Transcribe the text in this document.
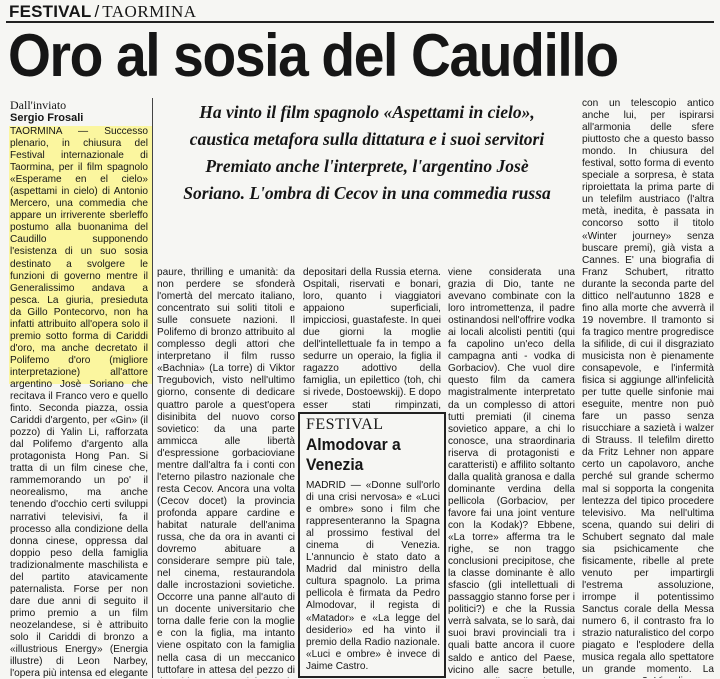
FESTIVAL / TAORMINA
Oro al sosia del Caudillo
Dall'inviato
Sergio Frosali

TAORMINA — Successo plenario, in chiusura del Festival internazionale di Taormina, per il film spagnolo «Esperame en el cielo» (aspettami in cielo) di Antonio Mercero, una commedia che appare un irriverente sberleffo postumo alla buonanima del Caudillo supponendo l'esistenza di un suo sosia destinato a svolgere le funzioni di governo mentre il Generalissimo andava a pesca. La giuria, presieduta da Gillo Pontecorvo, non ha infatti attribuito all'opera solo il premio sotto forma di Cariddi d'oro, ma anche decretato il Polifemo d'oro (migliore interpretazione) all'attore argentino Josè Soriano che recitava il Franco vero e quello finto. Seconda piazza, ossia Cariddi d'argento, per «Gin» (il pozzo) di Yalin Li, rafforzata dal Polifemo d'argento alla protagonista Hong Pan. Si tratta di un film cinese che, rammemorando un po' il neorealismo, ma anche tenendo d'occhio certi sviluppi narrativi televisivi, fa il processo alla condizione della donna cinese, oppressa dal doppio peso della famiglia tradizionalmente maschilista e del partito atavicamente paternalista. Forse per non dare due anni di seguito il primo premio a un film neozelandese, si è attribuito solo il Cariddi di bronzo a «illustrious Energy» (Energia illustre) di Leon Narbey, l'opera più intensa ed elegante

Ha vinto il film spagnolo «Aspettami in cielo»,
caustica metafora sulla dittatura e i suoi servitori
Premiato anche l'interprete, l'argentino Josè
Soriano. L'ombra di Cecov in una commedia russa

paure, thrilling e umanità: da non perdere se sfonderà l'omertà del mercato italiano, concentrato sui soliti titoli e sulle consuete nazioni. Il Polifemo di bronzo attribuito al complesso degli attori che interpretano il film russo «Bachnia» (La torre) di Viktor Tregubovich, visto nell'ultimo giorno, consente di dedicare quattro parole a quest'opera disinibita del nuovo corso sovietico: da una parte ammicca alle libertà d'espressione gorbacioviane mentre dall'altra fa i conti con l'eterno pilastro nazionale che resta Cecov. Ancora una volta (Cecov docet) la provincia profonda appare cardine e habitat naturale dell'anima russa, che da ora in avanti ci dovremo abituare a considerare sempre più tale, nel cinema, restaurandola dalle incrostazioni sovietiche. Occorre una panne all'auto di un docente universitario che torna dalle ferie con la moglie e con la figlia, ma intanto viene ospitato con la famiglia nella casa di un meccanico tuttofare in attesa del pezzo di

depositari della Russia eterna. Ospitali, riservati e bonari, loro, quanto i viaggiatori appaiono superficiali, impicciosi, guastafeste. In quei due giorni la moglie dell'intellettuale fa in tempo a sedurre un operaio, la figlia il ragazzo adottivo della famiglia, un epilettico (toh, chi si rivede, Dostoewskij). E dopo esser stati rimpinzati,

viene considerata una grazia di Dio, tante ne avevano combinate con la loro intromettenza, il padre ostinandosi nell'offrire vodka ai locali alcolisti pentiti (qui fa capolino un'eco della campagna anti - vodka di Gorbaciov). Che vuol dire questo film da camera magistralmente interpretato da un complesso di attori tutti premiati (il cinema sovietico appare, a chi lo conosce, una straordinaria riserva di protagonisti e caratteristi) e affilito soltanto dalla qualità granosa e dalla dominante verdina della pellicola (Gorbaciov, per favore fai una joint venture con la Kodak)? Ebbene, «La torre» afferma tra le righe, se non traggo conclusioni precipitose, che la classe dominante è allo sfascio (gli intellettuali di passaggio stanno forse per i politici?) e che la Russia verrà salvata, se lo sarà, dai suoi bravi provinciali tra i quali batte ancora il cuore saldo e antico del Paese, vicino alle sacre betulle,

con un telescopio antico anche lui, per ispirarsi all'armonia delle sfere piuttosto che a questo basso mondo. In chiusura del festival, sotto forma di evento speciale a sorpresa, è stata riproiettata la prima parte di un telefilm austriaco (l'altra metà, inedita, è passata in concorso sotto il titolo «Winter journey» senza buscare premi), già vista a Cannes. E' una biografia di Franz Schubert, ritratto durante la seconda parte del dittico nell'autunno 1828 e fino alla morte che avverrà il 19 novembre. Il tramonto si fa tragico mentre progredisce la sifilide, di cui il disgraziato musicista non è pienamente consapevole, e l'infermità fisica si aggiunge all'infelicità per tutte quelle sinfonie mai eseguite, mentre non può fare un passo senza risucchiare a sazietà i walzer di Strauss. Il telefilm diretto da Fritz Lehner non appare certo un capolavoro, anche perché sul grande schermo mal si sopporta la congenita lentezza del tipico procedere televisivo. Ma nell'ultima scena, quando sui deliri di Schubert segnato dal male sia psichicamente che fisicamente, ribelle al prete venuto per impartirgli l'estrema assoluzione, irrompe il potentissimo Sanctus corale della Messa numero 6, il contrasto fra lo strazio naturalistico del corpo piagato e l'esplodere della musica regala allo spettatore un grande momento. La

FESTIVAL
Almodovar a Venezia

MADRID — «Donne sull'orlo di una crisi nervosa» e «Luci e ombre» sono i film che rappresenteranno la Spagna al prossimo festival del cinema di Venezia. L'annuncio è stato dato a Madrid dal ministro della cultura spagnolo. La prima pellicola è firmata da Pedro Almodovar, il regista di «Matador» e «La legge del desiderio» ed ha vinto il premio della Radio nazionale. «Luci e ombre» è invece di Jaime Castro.
